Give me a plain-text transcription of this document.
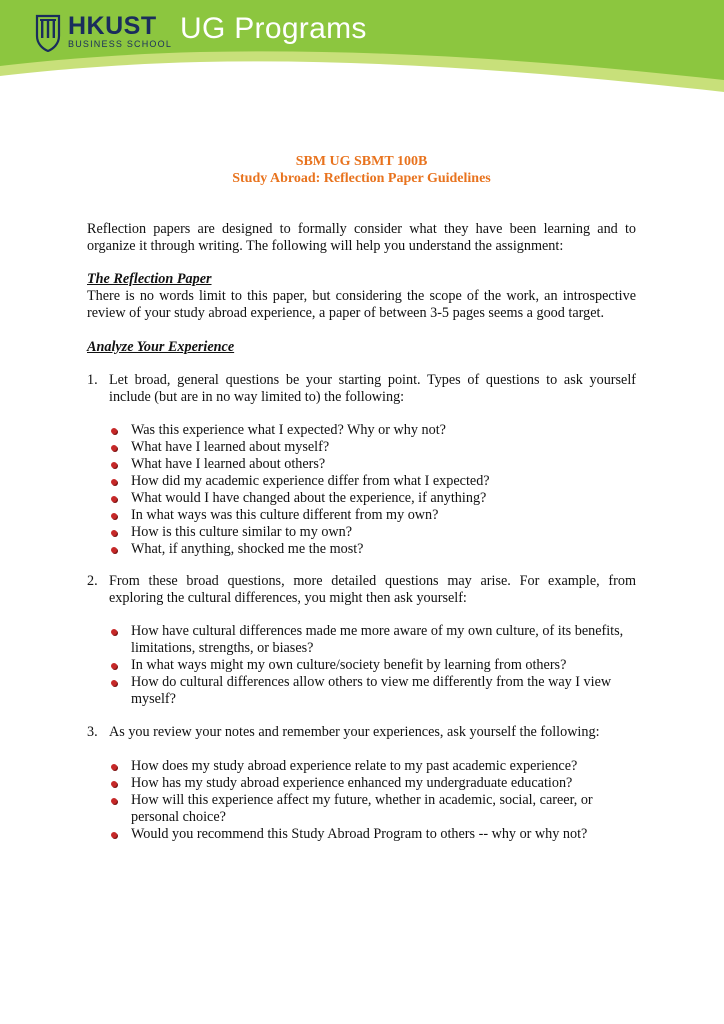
HKUST
BUSINESS SCHOOL UG Programs
SBM UG SBMT 100B
Study Abroad: Reflection Paper Guidelines
Reflection papers are designed to formally consider what they have been learning and to organize it through writing. The following will help you understand the assignment:
The Reflection Paper
There is no words limit to this paper, but considering the scope of the work, an introspective review of your study abroad experience, a paper of between 3-5 pages seems a good target.
Analyze Your Experience
1. Let broad, general questions be your starting point. Types of questions to ask yourself include (but are in no way limited to) the following:
Was this experience what I expected? Why or why not?
What have I learned about myself?
What have I learned about others?
How did my academic experience differ from what I expected?
What would I have changed about the experience, if anything?
In what ways was this culture different from my own?
How is this culture similar to my own?
What, if anything, shocked me the most?
2. From these broad questions, more detailed questions may arise. For example, from exploring the cultural differences, you might then ask yourself:
How have cultural differences made me more aware of my own culture, of its benefits, limitations, strengths, or biases?
In what ways might my own culture/society benefit by learning from others?
How do cultural differences allow others to view me differently from the way I view myself?
3. As you review your notes and remember your experiences, ask yourself the following:
How does my study abroad experience relate to my past academic experience?
How has my study abroad experience enhanced my undergraduate education?
How will this experience affect my future, whether in academic, social, career, or personal choice?
Would you recommend this Study Abroad Program to others -- why or why not?
